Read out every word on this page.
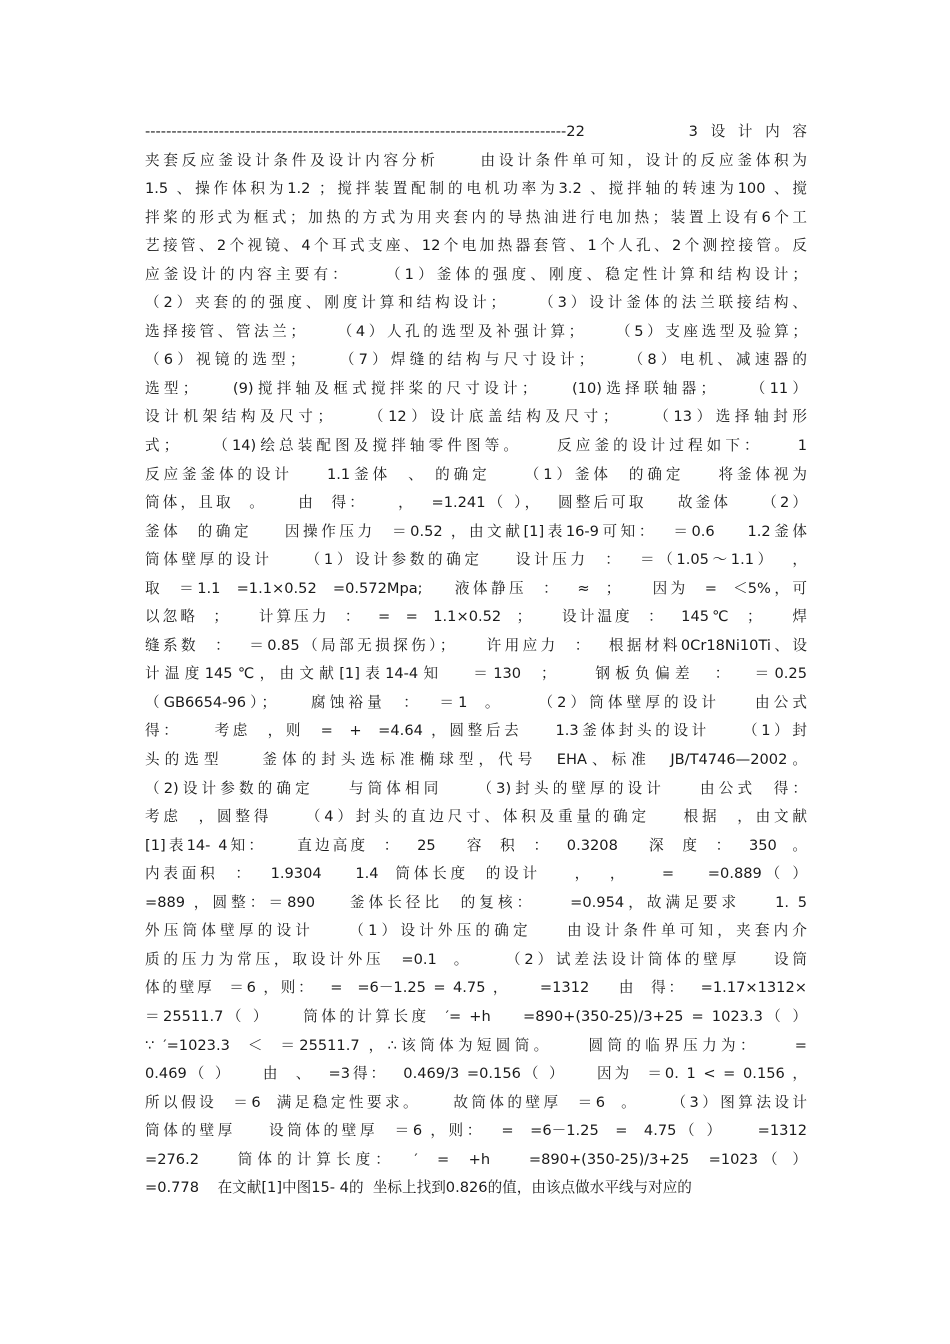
--------------------------------------------------------------------------------22      3设计内容
夹套反应釜设计条件及设计内容分析     由设计条件单可知，设计的反应釜体积为
1.5 、操作体积为1.2 ；搅拌装置配制的电机功率为3.2 、搅拌轴的转速为100 、搅
拌桨的形式为框式；加热的方式为用夹套内的导热油进行电加热；装置上设有6个工
艺接管、2个视镜、4个耳式支座、12个电加热器套管、1个人孔、2个测控接管。反
应釜设计的内容主要有：    （1）釜体的强度、刚度、稳定性计算和结构设计；
（2）夹套的的强度、刚度计算和结构设计；    （3）设计釜体的法兰联接结构、
选择接管、管法兰；    （4）人孔的选型及补强计算；    （5）支座选型及验算；
（6）视镜的选型；    （7）焊缝的结构与尺寸设计；    （8）电机、减速器的
选型；    (9)搅拌轴及框式搅拌桨的尺寸设计；    (10)选择联轴器；    （11）
设计机架结构及尺寸；    （12）设计底盖结构及尺寸；    （13）选择轴封形
式；    （14)绘总装配图及搅拌轴零件图等。    反应釜的设计过程如下：    1
反应釜釜体的设计    1.1釜体  、 的确定    （1）釜体  的确定    将釜体视为
筒体，且取  。    由  得：    ，  =1.241（ ），  圆整后可取    故釜体    （2）
釜体  的确定    因操作压力  ＝0.52 ，由文献[1]表16-9可知：  ＝0.6    1.2釜体
筒体壁厚的设计    （1）设计参数的确定    设计压力  ：  ＝（1.05～1.1）  ，
取  ＝1.1  =1.1×0.52  =0.572Mpa;    液体静压  ：  ≈  ；    因为  =  ＜5%，可
以忽略  ；    计算压力  ：  =  =  1.1×0.52  ；    设计温度  ：  145℃  ；    焊
缝系数  ：  ＝0.85（局部无损探伤）；    许用应力  ：  根据材料0Cr18Ni10Ti、设
计温度145℃，由文献[1]表14-4知   ＝130  ；    钢板负偏差  ：  ＝0.25
（GB6654-96）；    腐蚀裕量  ：  ＝1  。    （2）筒体壁厚的设计    由公式
得：    考虑  ，则  =  +  =4.64 ，圆整后去    1.3釜体封头的设计    （1）封
头的选型    釜体的封头选标准椭球型，代号  EHA、标准  JB/T4746—2002。
（2)设计参数的确定    与筒体相同    （3)封头的壁厚的设计    由公式  得：
考虑  ，圆整得    （4）封头的直边尺寸、体积及重量的确定    根据  ，由文献
[1]表14- 4知：    直边高度  ：  25    容  积  ：  0.3208    深  度  ：  350  。
内表面积  ：  1.9304    1.4  筒体长度  的设计    ，  ，    =    =0.889（ ）
=889 ，圆整：＝890    釜体长径比  的复核：    =0.954，故满足要求    1. 5
外压筒体壁厚的设计    （1）设计外压的确定    由设计条件单可知，夹套内介
质的压力为常压，取设计外压  =0.1  。    （2）试差法设计筒体的壁厚    设筒
体的壁厚  ＝6 ，则：  =  =6－1.25 = 4.75 ，    =1312    由  得：  =1.17×1312×
＝25511.7（ ）    筒体的计算长度  ′= +h    =890+(350-25)/3+25 = 1023.3（ ）
∵ ′=1023.3  ＜  ＝25511.7 ，∴该筒体为短圆筒。    圆筒的临界压力为：    =
0.469（ ）    由  、  =3得：  0.469/3 =0.156（ ）    因为  ＝0. 1 < = 0.156 ，
所以假设  ＝6  满足稳定性要求。    故筒体的壁厚  ＝6  。    （3）图算法设计
筒体的壁厚    设筒体的壁厚  ＝6 ，则：  =  =6－1.25  =  4.75（ ）    =1312
=276.2    筒体的计算长度：  ′  =  +h    =890+(350-25)/3+25  =1023（ ）
=0.778    在文献[1]中图15- 4的  坐标上找到0.826的值，由该点做水平线与对应的
